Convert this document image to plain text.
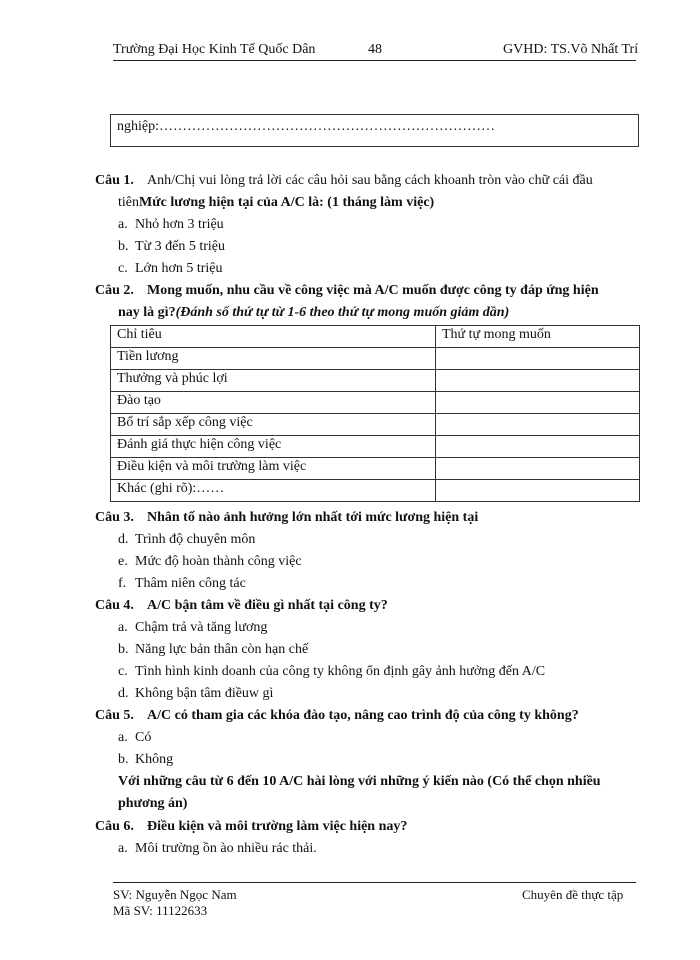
Trường Đại Học Kinh Tế Quốc Dân	48	GVHD: TS.Võ Nhất Trí
nghiệp:………………………………………………………………
Câu 1. Anh/Chị vui lòng trả lời các câu hỏi sau bằng cách khoanh tròn vào chữ cái đầu
tiênMức lương hiện tại của A/C là: (1 tháng làm việc)
a. Nhỏ hơn 3 triệu
b. Từ 3 đến 5 triệu
c. Lớn hơn 5 triệu
Câu 2. Mong muốn, nhu cầu về công việc mà A/C muốn được công ty đáp ứng hiện
nay là gì?(Đánh số thứ tự từ 1-6 theo thứ tự mong muốn giảm dần)
Chỉ tiêu	Thứ tự mong muốn
Tiền lương	
Thưởng và phúc lợi	
Đào tạo	
Bố trí sắp xếp công việc	
Đánh giá thực hiện công việc	
Điều kiện và môi trường làm việc	
Khác (ghi rõ):……	
Câu 3. Nhân tố nào ảnh hưởng lớn nhất tới mức lương hiện tại
d. Trình độ chuyên môn
e. Mức độ hoàn thành công việc
f. Thâm niên công tác
Câu 4. A/C bận tâm về điều gì nhất tại công ty?
a. Chậm trả và tăng lương
b. Năng lực bản thân còn hạn chế
c. Tình hình kinh doanh của công ty không ổn định gây ảnh hưởng đến A/C
d. Không bận tâm điềuw gì
Câu 5. A/C có tham gia các khóa đào tạo, nâng cao trình độ của công ty không?
a. Có
b. Không
Với những câu từ 6 đến 10 A/C hài lòng với những ý kiến nào (Có thể chọn nhiều
phương án)
Câu 6. Điều kiện và môi trường làm việc hiện nay?
a. Môi trường ồn ào nhiều rác thải.
SV: Nguyễn Ngọc Nam
Mã SV: 11122633
Chuyên đề thực tập
